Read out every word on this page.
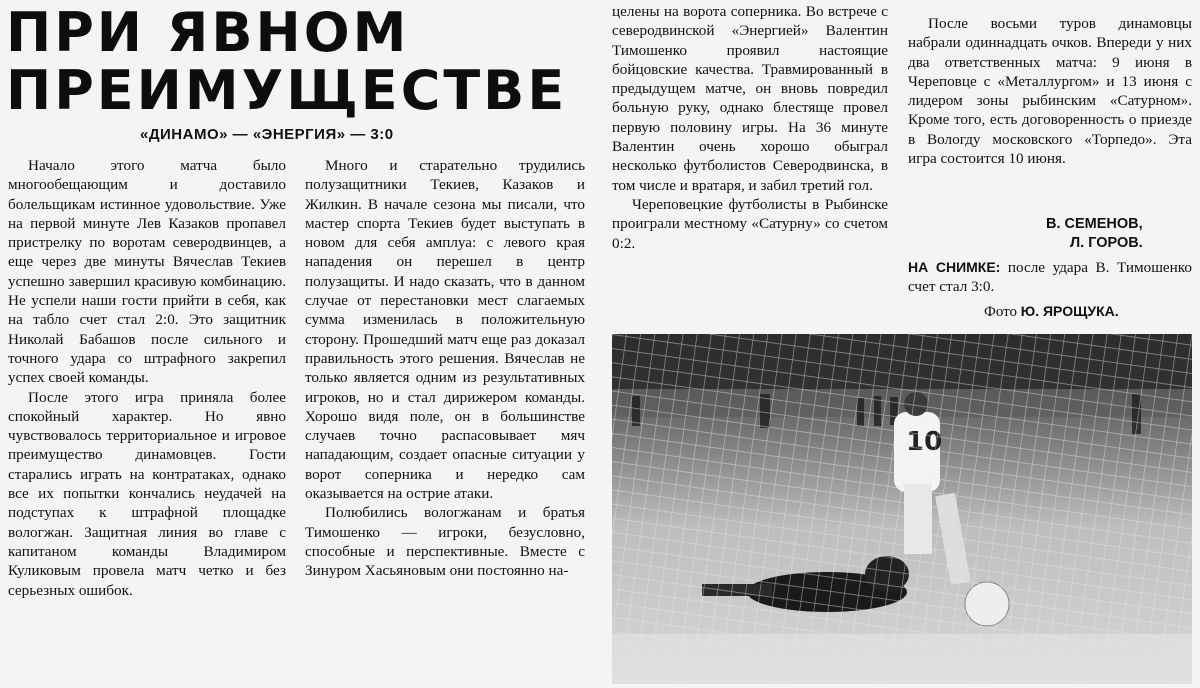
ПРИ ЯВНОМ
ПРЕИМУЩЕСТВЕ
«ДИНАМО» — «ЭНЕРГИЯ» — 3:0

Начало этого матча было многообещающим и доставило болельщикам истинное удовольствие. Уже на первой минуте Лев Казаков пропавел пристрелку по воротам северодвинцев, а еще через две минуты Вячеслав Текиев успешно завершил красивую комбинацию. Не успели наши гости прийти в себя, как на табло счет стал 2:0. Это защитник Николай Бабашов после сильного и точного удара со штрафного закрепил успех своей команды.

После этого игра приняла более спокойный характер. Но явно чувствовалось территориальное и игровое преимущество динамовцев. Гости старались играть на контратаках, однако все их попытки кончались неудачей на подступах к штрафной площадке вологжан. Защитная линия во главе с капитаном команды Владимиром Куликовым провела матч четко и без серьезных ошибок.

Много и старательно трудились полузащитники Текиев, Казаков и Жилкин. В начале сезона мы писали, что мастер спорта Текиев будет выступать в новом для себя амплуа: с левого края нападения он перешел в центр полузащиты. И надо сказать, что в данном случае от перестановки мест слагаемых сумма изменилась в положительную сторону. Прошедший матч еще раз доказал правильность этого решения. Вячеслав не только является одним из результативных игроков, но и стал дирижером команды. Хорошо видя поле, он в большинстве случаев точно распасовывает мяч нападающим, создает опасные ситуации у ворот соперника и нередко сам оказывается на острие атаки.

Полюбились вологжанам и братья Тимошенко — игроки, безусловно, способные и перспективные. Вместе с Зинуром Хасьяновым они постоянно на-

целены на ворота соперника. Во встрече с северодвинской «Энергией» Валентин Тимошенко проявил настоящие бойцовские качества. Травмированный в предыдущем матче, он вновь повредил больную руку, однако блестяще провел первую половину игры. На 36 минуте Валентин очень хорошо обыграл несколько футболистов Северодвинска, в том числе и вратаря, и забил третий гол.

Череповецкие футболисты в Рыбинске проиграли местному «Сатурну» со счетом 0:2.

После восьми туров динамовцы набрали одиннадцать очков. Впереди у них два ответственных матча: 9 июня в Череповце с «Металлургом» и 13 июня с лидером зоны рыбинским «Сатурном». Кроме того, есть договоренность о приезде в Вологду московского «Торпедо». Эта игра состоится 10 июня.

В. СЕМЕНОВ,
Л. ГОРОВ.
НА СНИМКЕ: после удара В. Тимошенко счет стал 3:0.
Фото Ю. ЯРОЩУКА.
